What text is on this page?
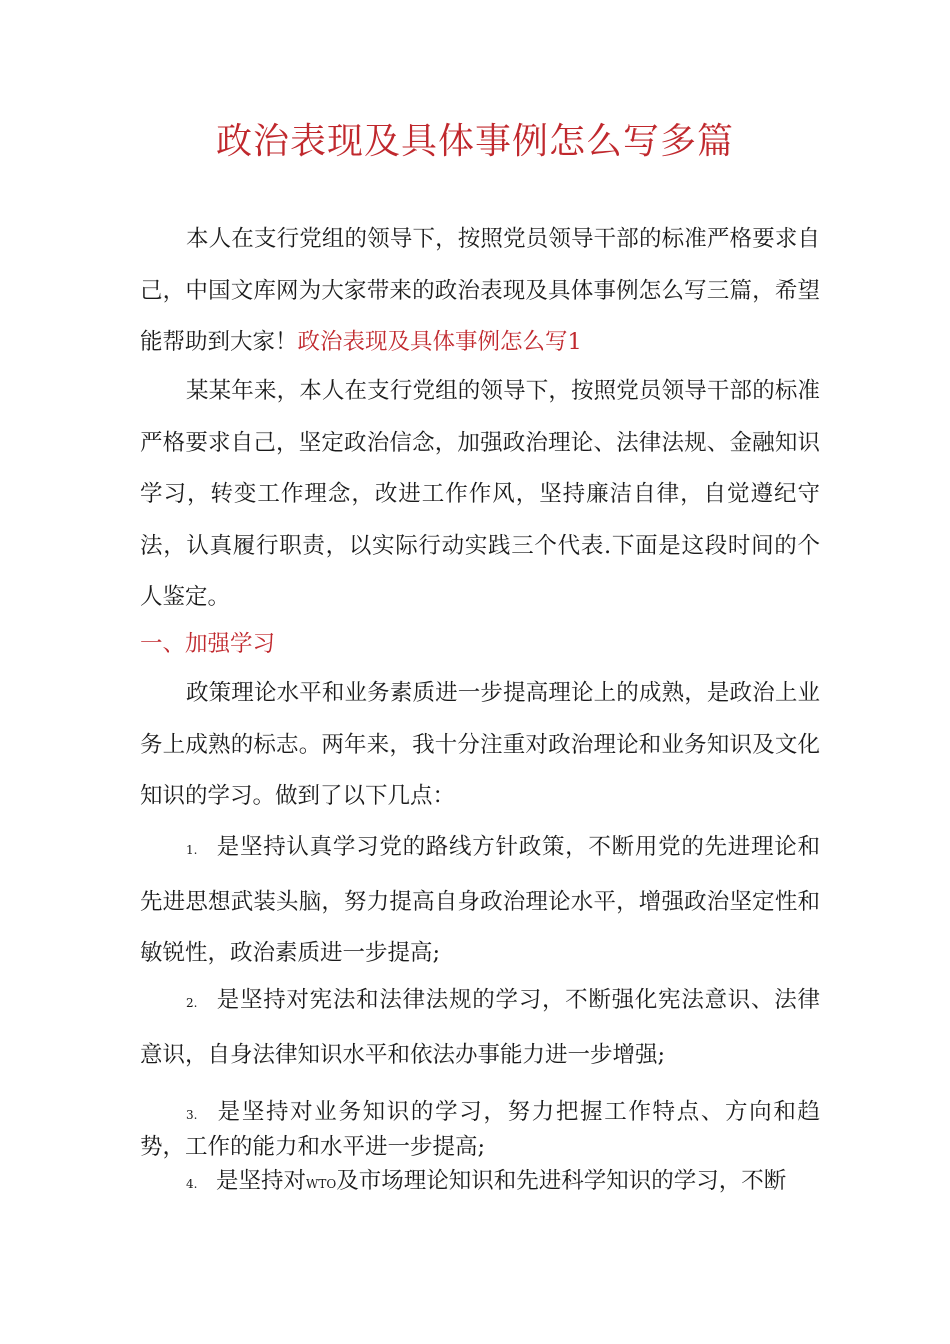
政治表现及具体事例怎么写多篇
本人在支行党组的领导下，按照党员领导干部的标准严格要求自己，中国文库网为大家带来的政治表现及具体事例怎么写三篇，希望能帮助到大家！政治表现及具体事例怎么写1
某某年来，本人在支行党组的领导下，按照党员领导干部的标准严格要求自己，坚定政治信念，加强政治理论、法律法规、金融知识学习，转变工作理念，改进工作作风，坚持廉洁自律，自觉遵纪守法，认真履行职责，以实际行动实践三个代表.下面是这段时间的个人鉴定。
一、加强学习
政策理论水平和业务素质进一步提高理论上的成熟，是政治上业务上成熟的标志。两年来，我十分注重对政治理论和业务知识及文化知识的学习。做到了以下几点：
1. 是坚持认真学习党的路线方针政策，不断用党的先进理论和先进思想武装头脑，努力提高自身政治理论水平，增强政治坚定性和敏锐性，政治素质进一步提高;
2. 是坚持对宪法和法律法规的学习，不断强化宪法意识、法律意识，自身法律知识水平和依法办事能力进一步增强;
3. 是坚持对业务知识的学习，努力把握工作特点、方向和趋势，工作的能力和水平进一步提高;
4. 是坚持对WTO及市场理论知识和先进科学知识的学习，不断
